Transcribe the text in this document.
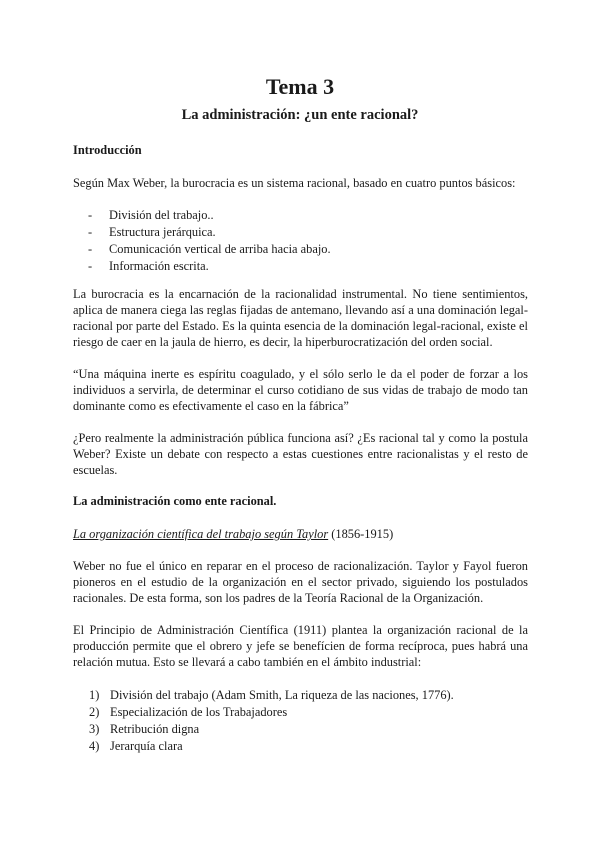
Tema 3
La administración: ¿un ente racional?

Introducción

Según Max Weber, la burocracia es un sistema racional, basado en cuatro puntos básicos:

- División del trabajo..
- Estructura jerárquica.
- Comunicación vertical de arriba hacia abajo.
- Información escrita.

La burocracia es la encarnación de la racionalidad instrumental. No tiene sentimientos, aplica de manera ciega las reglas fijadas de antemano, llevando así a una dominación legal-racional por parte del Estado. Es la quinta esencia de la dominación legal-racional, existe el riesgo de caer en la jaula de hierro, es decir, la hiperburocratización del orden social.

“Una máquina inerte es espíritu coagulado, y el sólo serlo le da el poder de forzar a los individuos a servirla, de determinar el curso cotidiano de sus vidas de trabajo de modo tan dominante como es efectivamente el caso en la fábrica”

¿Pero realmente la administración pública funciona así? ¿Es racional tal y como la postula Weber? Existe un debate con respecto a estas cuestiones entre racionalistas y el resto de escuelas.

La administración como ente racional.

La organización científica del trabajo según Taylor (1856-1915)

Weber no fue el único en reparar en el proceso de racionalización. Taylor y Fayol fueron pioneros en el estudio de la organización en el sector privado, siguiendo los postulados racionales. De esta forma, son los padres de la Teoría Racional de la Organización.

El Principio de Administración Científica (1911) plantea la organización racional de la producción permite que el obrero y jefe se benefícien de forma recíproca, pues habrá una relación mutua. Esto se llevará a cabo también en el ámbito industrial:

1) División del trabajo (Adam Smith, La riqueza de las naciones, 1776).
2) Especialización de los Trabajadores
3) Retribución digna
4) Jerarquía clara
